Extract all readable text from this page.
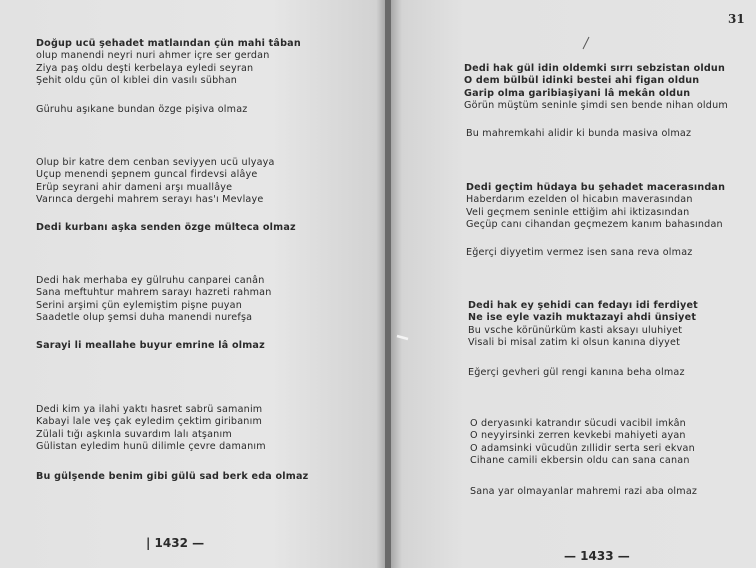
Doğup ucü şehadet matlaından çün mahi tâban
olup manendi neyri nuri ahmer içre ser gerdan
Ziya paş oldu deşti kerbelaya eyledi seyran
Şehit oldu çün ol kıblei din vasılı sübhan
Güruhu aşıkane bundan özge pişiva olmaz
Olup bir katre dem cenban seviyyen ucü ulyaya
Uçup menendi şepnem guncal firdevsi alâye
Erüp seyrani ahir dameni arşı muallâye
Varınca dergehi mahrem serayı has'ı Mevlaye
Dedi kurbanı aşka senden özge mülteca olmaz
Dedi hak merhaba ey gülruhu canparei canân
Sana meftuhtur mahrem sarayı hazreti rahman
Serini arşimi çün eylemiştim pişne puyan
Saadetle olup şemsi duha manendi nurefşa
Sarayi li meallahe buyur emrine lâ olmaz
Dedi kim ya ilahi yaktı hasret sabrü samanim
Kabayi lale veş çak eyledim çektim giribanım
Zülali tığı aşkınla suvardım lalı atşanım
Gülistan eyledim hunü dilimle çevre damanım
Bu gülşende benim gibi gülü sad berk eda olmaz
| 1432 —
31
Dedi hak gül idin oldemki sırrı sebzistan oldun
O dem bülbül idinki bestei ahi figan oldun
Garip olma garibiaşiyani lâ mekân oldun
Görün müştüm seninle şimdi sen bende nihan oldum
Bu mahremkahi alidir ki bunda masiva olmaz
Dedi geçtim hüdaya bu şehadet macerasından
Haberdarım ezelden ol hicabın maverasından
Veli geçmem seninle ettiğim ahi iktizasından
Geçüp canı cihandan geçmezem kanım bahasından
Eğerçi diyyetim vermez isen sana reva olmaz
Dedi hak ey şehidi can fedayı idi ferdiyet
Ne ise eyle vazih muktazayi ahdi ünsiyet
Bu vsche körünürküm kasti aksayı uluhiyet
Visali bi misal zatim ki olsun kanına diyyet
Eğerçi gevheri gül rengi kanına beha olmaz
O deryasınki katrandır sücudi vacibil imkân
O neyyirsinki zerren kevkebi mahiyeti ayan
O adamsinki vücudün zıllidir serta seri ekvan
Cihane camili ekbersin oldu can sana canan
Sana yar olmayanlar mahremi razi aba olmaz
— 1433 —
